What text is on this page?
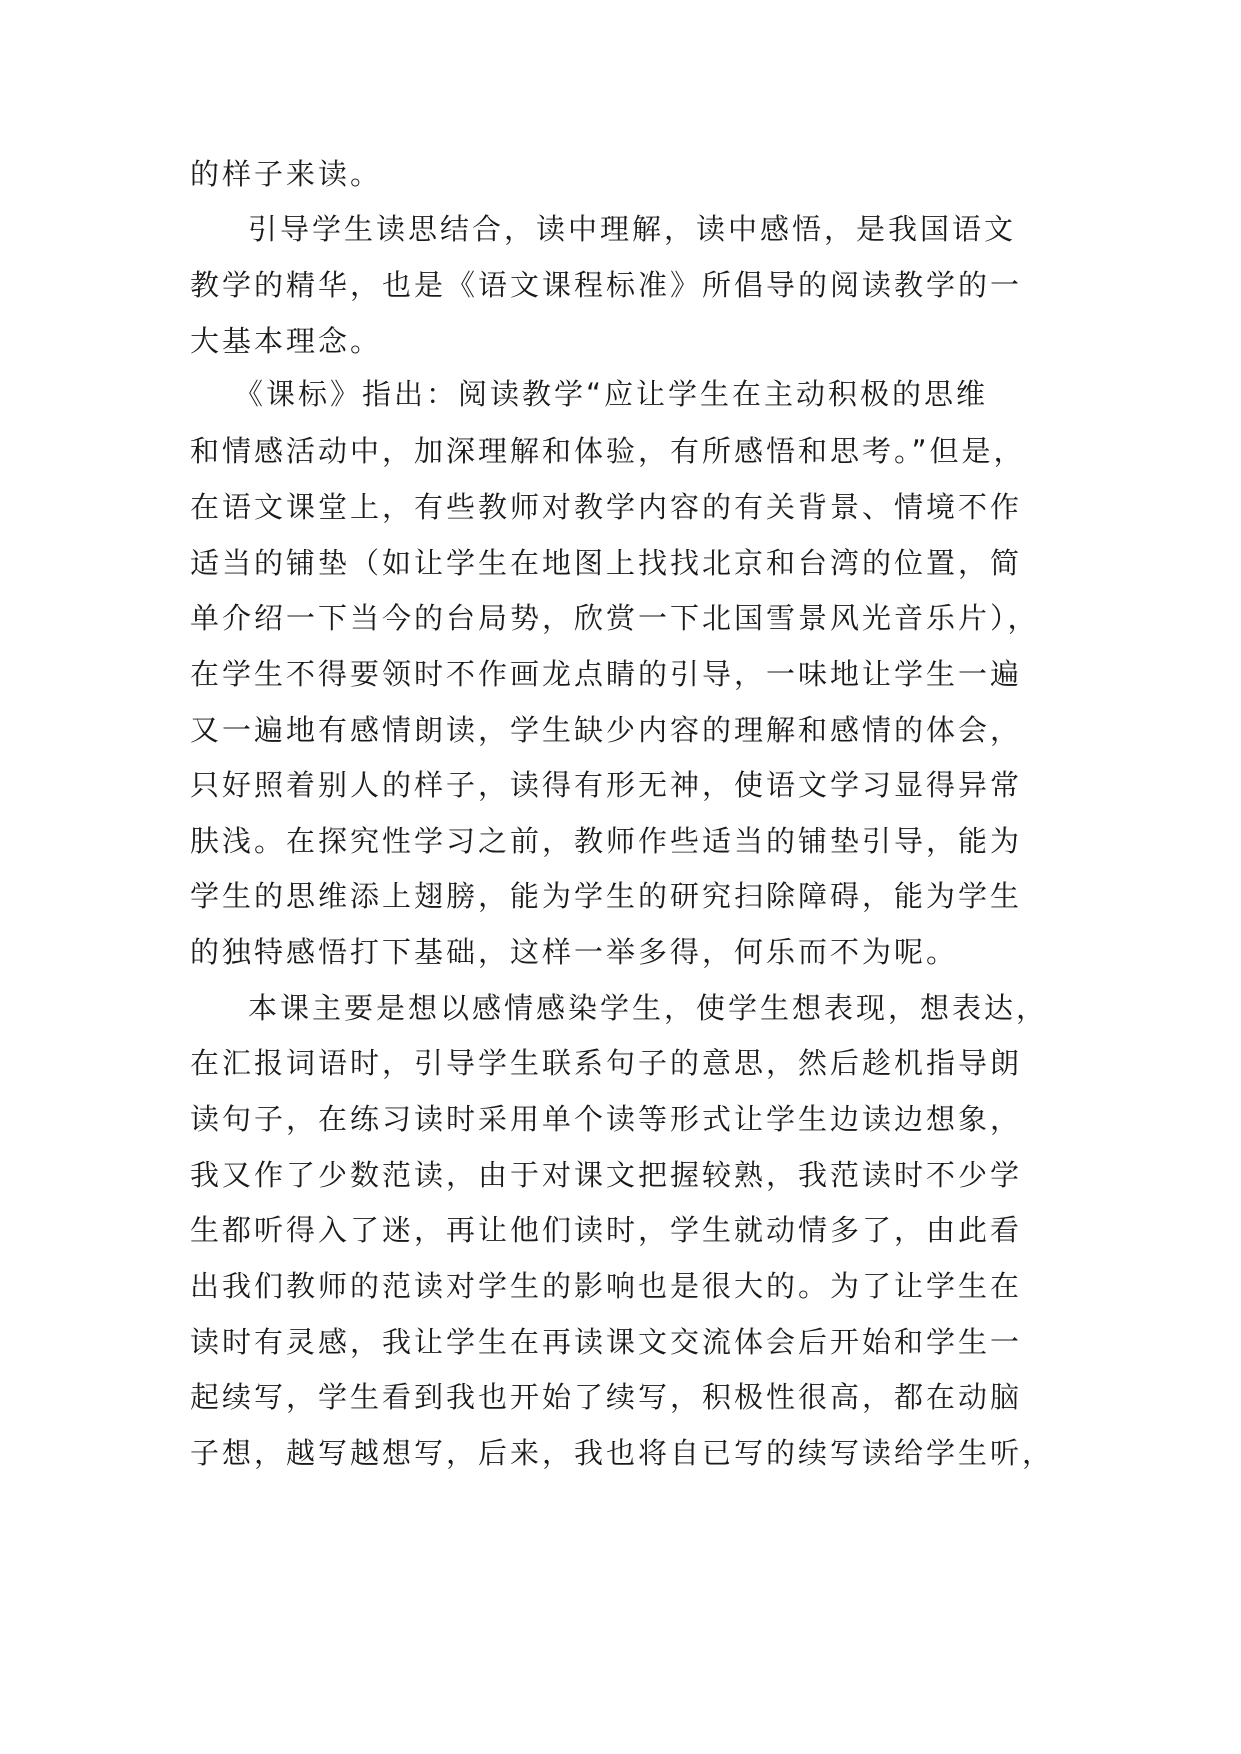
的样子来读。
引导学生读思结合，读中理解，读中感悟，是我国语文
教学的精华，也是《语文课程标准》所倡导的阅读教学的一
大基本理念。
《课标》指出：阅读教学“应让学生在主动积极的思维
和情感活动中，加深理解和体验，有所感悟和思考。”但是，
在语文课堂上，有些教师对教学内容的有关背景、情境不作
适当的铺垫（如让学生在地图上找找北京和台湾的位置，简
单介绍一下当今的台局势，欣赏一下北国雪景风光音乐片），
在学生不得要领时不作画龙点睛的引导，一味地让学生一遍
又一遍地有感情朗读，学生缺少内容的理解和感情的体会，
只好照着别人的样子，读得有形无神，使语文学习显得异常
肤浅。在探究性学习之前，教师作些适当的铺垫引导，能为
学生的思维添上翅膀，能为学生的研究扫除障碍，能为学生
的独特感悟打下基础，这样一举多得，何乐而不为呢。
本课主要是想以感情感染学生，使学生想表现，想表达，
在汇报词语时，引导学生联系句子的意思，然后趁机指导朗
读句子，在练习读时采用单个读等形式让学生边读边想象，
我又作了少数范读，由于对课文把握较熟，我范读时不少学
生都听得入了迷，再让他们读时，学生就动情多了，由此看
出我们教师的范读对学生的影响也是很大的。为了让学生在
读时有灵感，我让学生在再读课文交流体会后开始和学生一
起续写，学生看到我也开始了续写，积极性很高，都在动脑
子想，越写越想写，后来，我也将自已写的续写读给学生听，
